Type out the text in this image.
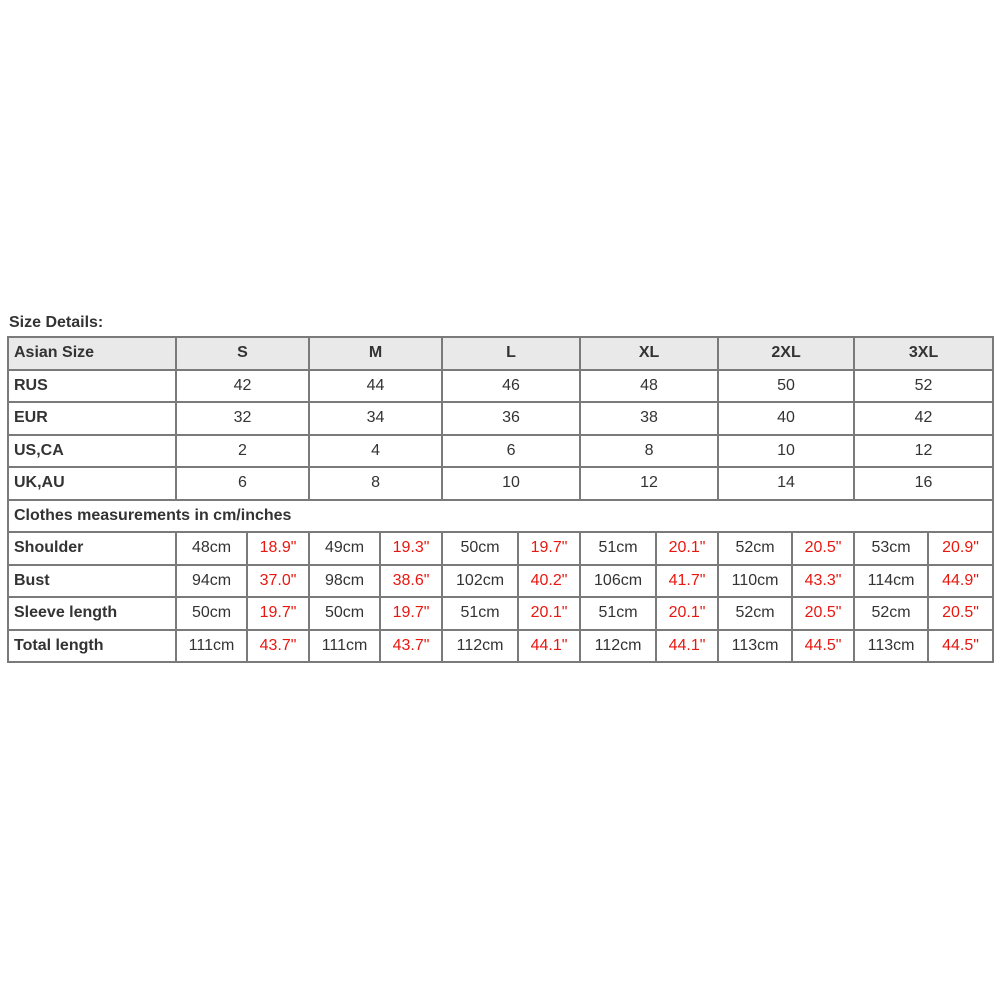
Size Details:
Asian Size	S		M		L		XL		2XL		3XL	
RUS	42		44		46		48		50		52	
EUR	32		34		36		38		40		42	
US,CA	2		4		6		8		10		12	
UK,AU	6		8		10		12		14		16	
Clothes measurements in cm/inches												
Shoulder	48cm	18.9"	49cm	19.3"	50cm	19.7"	51cm	20.1"	52cm	20.5"	53cm	20.9"
Bust	94cm	37.0"	98cm	38.6"	102cm	40.2"	106cm	41.7"	110cm	43.3"	114cm	44.9"
Sleeve length	50cm	19.7"	50cm	19.7"	51cm	20.1"	51cm	20.1"	52cm	20.5"	52cm	20.5"
Total length	111cm	43.7"	111cm	43.7"	112cm	44.1"	112cm	44.1"	113cm	44.5"	113cm	44.5"
